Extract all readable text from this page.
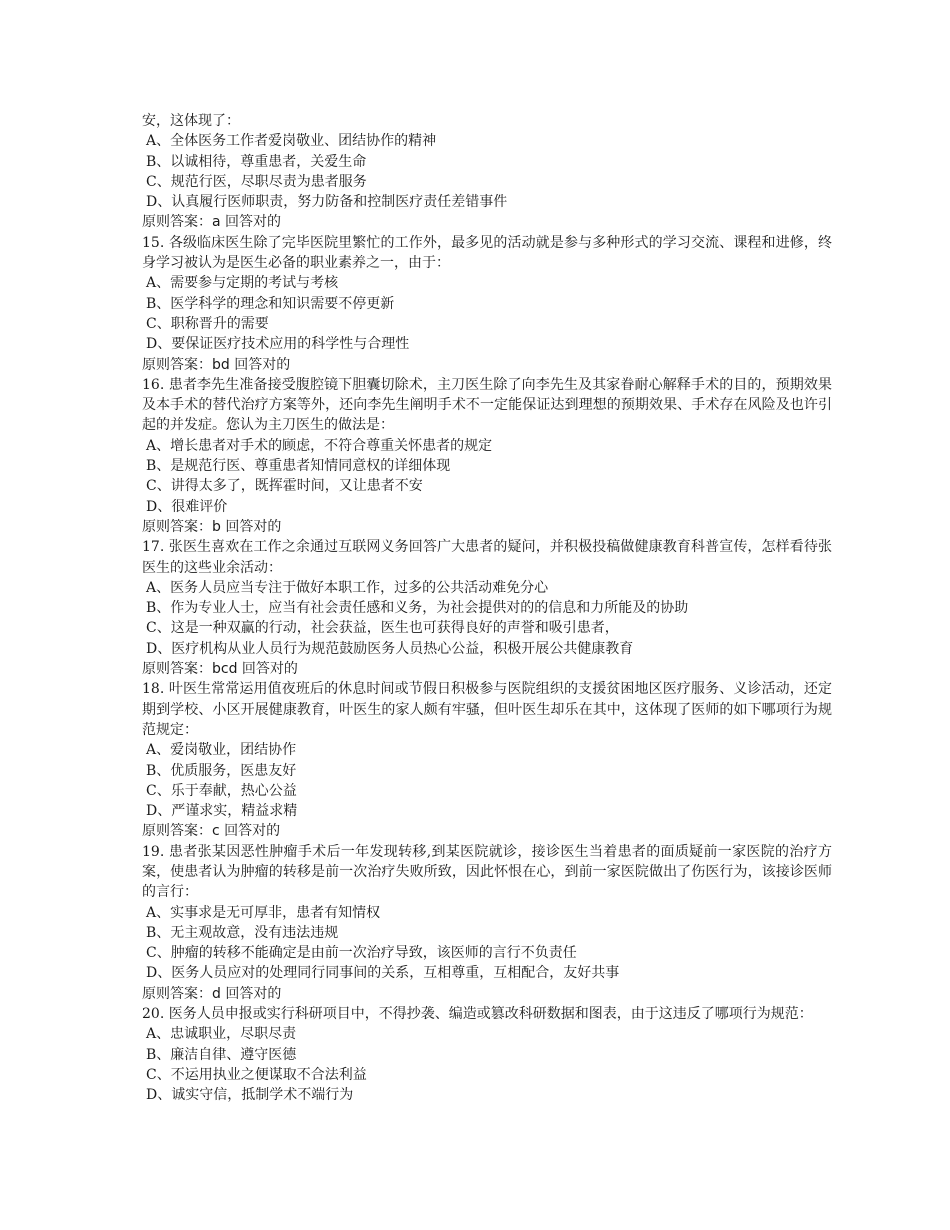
安，这体现了：
A、全体医务工作者爱岗敬业、团结协作的精神
B、以诚相待，尊重患者，关爱生命
C、规范行医，尽职尽责为患者服务
D、认真履行医师职责，努力防备和控制医疗责任差错事件
原则答案：a 回答对的
15. 各级临床医生除了完毕医院里繁忙的工作外，最多见的活动就是参与多种形式的学习交流、课程和进修，终身学习被认为是医生必备的职业素养之一，由于：
A、需要参与定期的考试与考核
B、医学科学的理念和知识需要不停更新
C、职称晋升的需要
D、要保证医疗技术应用的科学性与合理性
原则答案：bd 回答对的
16. 患者李先生准备接受腹腔镜下胆囊切除术，主刀医生除了向李先生及其家眷耐心解释手术的目的，预期效果及本手术的替代治疗方案等外，还向李先生阐明手术不一定能保证达到理想的预期效果、手术存在风险及也许引起的并发症。您认为主刀医生的做法是：
A、增长患者对手术的顾虑，不符合尊重关怀患者的规定
B、是规范行医、尊重患者知情同意权的详细体现
C、讲得太多了，既挥霍时间，又让患者不安
D、很难评价
原则答案：b 回答对的
17. 张医生喜欢在工作之余通过互联网义务回答广大患者的疑问，并积极投稿做健康教育科普宣传，怎样看待张医生的这些业余活动：
A、医务人员应当专注于做好本职工作，过多的公共活动难免分心
B、作为专业人士，应当有社会责任感和义务，为社会提供对的的信息和力所能及的协助
C、这是一种双赢的行动，社会获益，医生也可获得良好的声誉和吸引患者，
D、医疗机构从业人员行为规范鼓励医务人员热心公益，积极开展公共健康教育
原则答案：bcd 回答对的
18. 叶医生常常运用值夜班后的休息时间或节假日积极参与医院组织的支援贫困地区医疗服务、义诊活动，还定期到学校、小区开展健康教育，叶医生的家人颇有牢骚，但叶医生却乐在其中，这体现了医师的如下哪项行为规范规定：
A、爱岗敬业，团结协作
B、优质服务，医患友好
C、乐于奉献，热心公益
D、严谨求实，精益求精
原则答案：c 回答对的
19. 患者张某因恶性肿瘤手术后一年发现转移,到某医院就诊，接诊医生当着患者的面质疑前一家医院的治疗方案，使患者认为肿瘤的转移是前一次治疗失败所致，因此怀恨在心，到前一家医院做出了伤医行为，该接诊医师的言行：
A、实事求是无可厚非，患者有知情权
B、无主观故意，没有违法违规
C、肿瘤的转移不能确定是由前一次治疗导致，该医师的言行不负责任
D、医务人员应对的处理同行同事间的关系，互相尊重，互相配合，友好共事
原则答案：d 回答对的
20. 医务人员申报或实行科研项目中，不得抄袭、编造或篡改科研数据和图表，由于这违反了哪项行为规范：
A、忠诚职业，尽职尽责
B、廉洁自律、遵守医德
C、不运用执业之便谋取不合法利益
D、诚实守信，抵制学术不端行为
